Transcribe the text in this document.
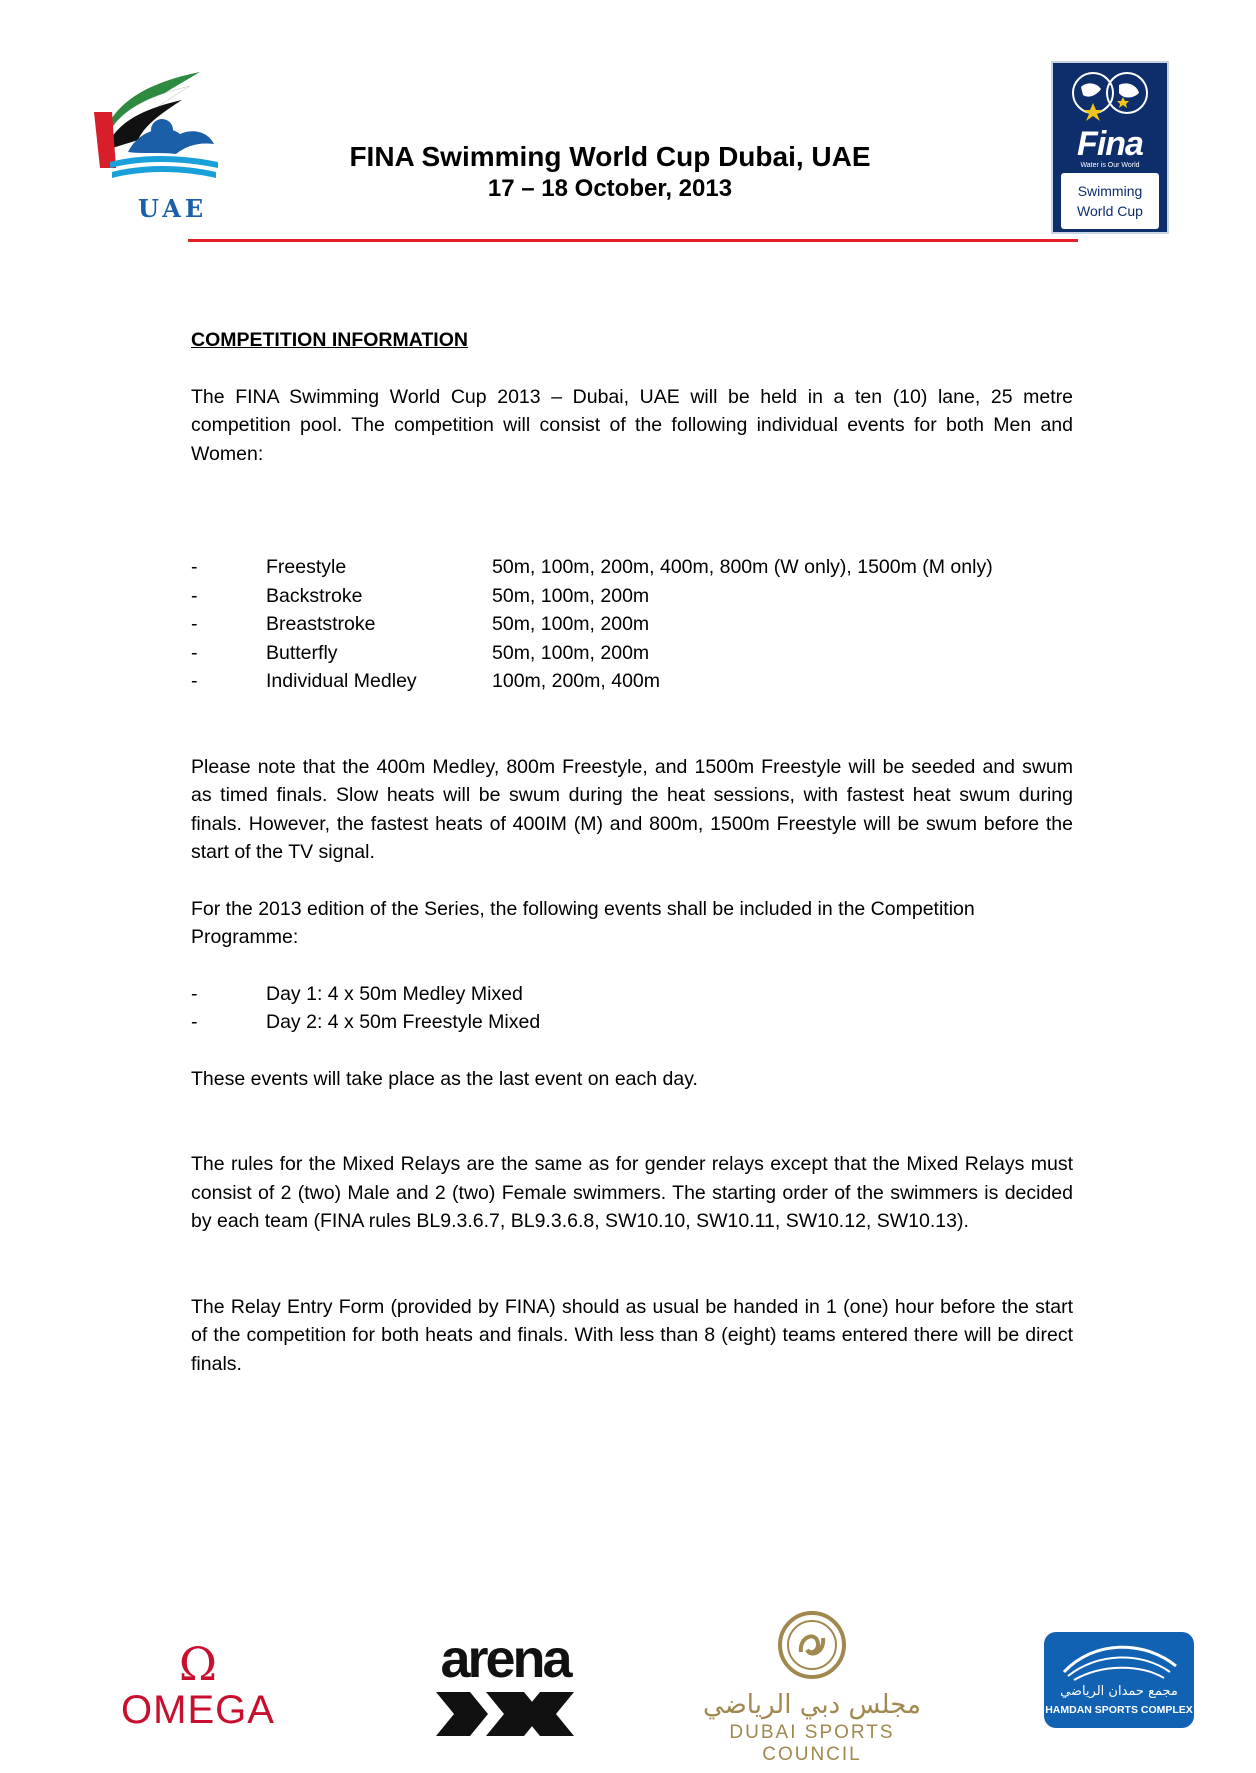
UAE
FINA Swimming World Cup Dubai, UAE
17 – 18 October, 2013
Fina
Water is Our World
Swimming
World Cup

COMPETITION INFORMATION

The FINA Swimming World Cup 2013 – Dubai, UAE will be held in a ten (10) lane, 25 metre competition pool. The competition will consist of the following individual events for both Men and Women:

-	Freestyle	50m, 100m, 200m, 400m, 800m (W only), 1500m (M only)
-	Backstroke	50m, 100m, 200m
-	Breaststroke	50m, 100m, 200m
-	Butterfly	50m, 100m, 200m
-	Individual Medley	100m, 200m, 400m

Please note that the 400m Medley, 800m Freestyle, and 1500m Freestyle will be seeded and swum as timed finals. Slow heats will be swum during the heat sessions, with fastest heat swum during finals. However, the fastest heats of 400IM (M) and 800m, 1500m Freestyle will be swum before the start of the TV signal.

For the 2013 edition of the Series, the following events shall be included in the Competition Programme:

-	Day 1: 4 x 50m Medley Mixed
-	Day 2: 4 x 50m Freestyle Mixed

These events will take place as the last event on each day.

The rules for the Mixed Relays are the same as for gender relays except that the Mixed Relays must consist of 2 (two) Male and 2 (two) Female swimmers. The starting order of the swimmers is decided by each team (FINA rules BL9.3.6.7, BL9.3.6.8, SW10.10, SW10.11, SW10.12, SW10.13).

The Relay Entry Form (provided by FINA) should as usual be handed in 1 (one) hour before the start of the competition for both heats and finals. With less than 8 (eight) teams entered there will be direct finals.

Ω
OMEGA
arena
مجلس دبي الرياضي
DUBAI SPORTS COUNCIL
مجمع حمدان الرياضي
HAMDAN SPORTS COMPLEX
